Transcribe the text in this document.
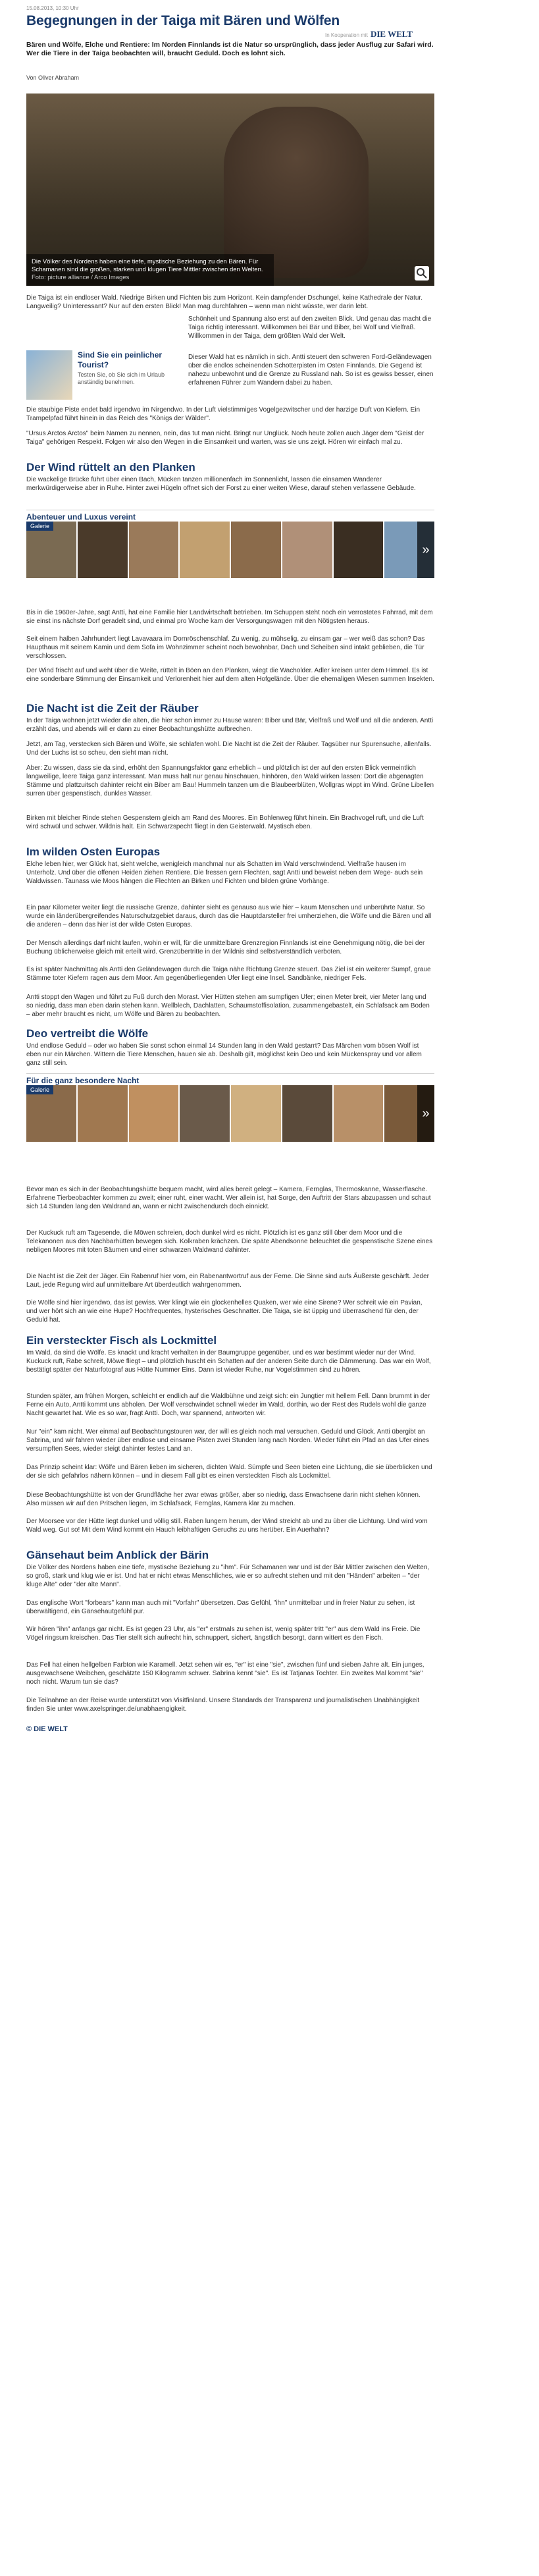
15.08.2013, 10:30 Uhr
Begegnungen in der Taiga mit Bären und Wölfen
In Kooperation mit DIE WELT
Bären und Wölfe, Elche und Rentiere: Im Norden Finnlands ist die Natur so ursprünglich, dass jeder Ausflug zur Safari wird. Wer die Tiere in der Taiga beobachten will, braucht Geduld. Doch es lohnt sich.
Von Oliver Abraham
Die Völker des Nordens haben eine tiefe, mystische Beziehung zu den Bären. Für Schamanen sind die großen, starken und klugen Tiere Mittler zwischen den Welten. Foto: picture alliance / Arco Images

Die Taiga ist ein endloser Wald. Niedrige Birken und Fichten bis zum Horizont. Kein dampfender Dschungel, keine Kathedrale der Natur. Langweilig? Uninteressant? Nur auf den ersten Blick! Man mag durchfahren – wenn man nicht wüsste, wer darin lebt.

Sind Sie ein peinlicher Tourist?
Testen Sie, ob Sie sich im Urlaub anständig benehmen.

Schönheit und Spannung also erst auf den zweiten Blick. Und genau das macht die Taiga richtig interessant. Willkommen bei Bär und Biber, bei Wolf und Vielfraß. Willkommen in der Taiga, dem größten Wald der Welt.

Dieser Wald hat es nämlich in sich. Antti steuert den schweren Ford-Geländewagen über die endlos scheinenden Schotterpisten im Osten Finnlands. Die Gegend ist nahezu unbewohnt und die Grenze zu Russland nah. So ist es gewiss besser, einen erfahrenen Führer zum Wandern dabei zu haben.

Die staubige Piste endet bald irgendwo im Nirgendwo. In der Luft vielstimmiges Vogelgezwitscher und der harzige Duft von Kiefern. Ein Trampelpfad führt hinein in das Reich des "Königs der Wälder".

"Ursus Arctos Arctos" beim Namen zu nennen, nein, das tut man nicht. Bringt nur Unglück. Noch heute zollen auch Jäger dem "Geist der Taiga" gehörigen Respekt. Folgen wir also den Wegen in die Einsamkeit und warten, was sie uns zeigt. Hören wir einfach mal zu.

Der Wind rüttelt an den Planken

Die wackelige Brücke führt über einen Bach, Mücken tanzen millionenfach im Sonnenlicht, lassen die einsamen Wanderer merkwürdigerweise aber in Ruhe. Hinter zwei Hügeln offnet sich der Forst zu einer weiten Wiese, darauf stehen verlassene Gebäude.

Abenteuer und Luxus vereint
Galerie
»

Bis in die 1960er-Jahre, sagt Antti, hat eine Familie hier Landwirtschaft betrieben. Im Schuppen steht noch ein verrostetes Fahrrad, mit dem sie einst ins nächste Dorf geradelt sind, und einmal pro Woche kam der Versorgungswagen mit den Nötigsten heraus.

Seit einem halben Jahrhundert liegt Lavavaara im Dornröschenschlaf. Zu wenig, zu mühselig, zu einsam gar – wer weiß das schon? Das Haupthaus mit seinem Kamin und dem Sofa im Wohnzimmer scheint noch bewohnbar, Dach und Scheiben sind intakt geblieben, die Tür verschlossen.

Der Wind frischt auf und weht über die Weite, rüttelt in Böen an den Planken, wiegt die Wacholder. Adler kreisen unter dem Himmel. Es ist eine sonderbare Stimmung der Einsamkeit und Verlorenheit hier auf dem alten Hofgelände. Über die ehemaligen Wiesen summen Insekten.

Die Nacht ist die Zeit der Räuber

In der Taiga wohnen jetzt wieder die alten, die hier schon immer zu Hause waren: Biber und Bär, Vielfraß und Wolf und all die anderen. Antti erzählt das, und abends will er dann zu einer Beobachtungshütte aufbrechen.

Jetzt, am Tag, verstecken sich Bären und Wölfe, sie schlafen wohl. Die Nacht ist die Zeit der Räuber. Tagsüber nur Spurensuche, allenfalls. Und der Luchs ist so scheu, den sieht man nicht.

Aber: Zu wissen, dass sie da sind, erhöht den Spannungsfaktor ganz erheblich – und plötzlich ist der auf den ersten Blick vermeintlich langweilige, leere Taiga ganz interessant. Man muss halt nur genau hinschauen, hinhören, den Wald wirken lassen: Dort die abgenagten Stämme und plattzuitsch dahinter reicht ein Biber am Bau! Hummeln tanzen um die Blaubeerblüten, Wollgras wippt im Wind. Grüne Libellen surren über gespenstisch, dunkles Wasser.

Birken mit bleicher Rinde stehen Gespenstern gleich am Rand des Moores. Ein Bohlenweg führt hinein. Ein Brachvogel ruft, und die Luft wird schwül und schwer. Wildnis halt. Ein Schwarzspecht fliegt in den Geisterwald. Mystisch eben.

Im wilden Osten Europas

Elche leben hier, wer Glück hat, sieht welche, wenigleich manchmal nur als Schatten im Wald verschwindend. Vielfraße hausen im Unterholz. Und über die offenen Heiden ziehen Rentiere. Die fressen gern Flechten, sagt Antti und beweist neben dem Wege- auch sein Waldwissen. Taunass wie Moos hängen die Flechten an Birken und Fichten und bilden grüne Vorhänge.

Ein paar Kilometer weiter liegt die russische Grenze, dahinter sieht es genauso aus wie hier – kaum Menschen und unberührte Natur. So wurde ein länderübergreifendes Naturschutzgebiet daraus, durch das die Hauptdarsteller frei umherziehen, die Wölfe und die Bären und all die anderen – denn das hier ist der wilde Osten Europas.

Der Mensch allerdings darf nicht laufen, wohin er will, für die unmittelbare Grenzregion Finnlands ist eine Genehmigung nötig, die bei der Buchung üblicherweise gleich mit erteilt wird. Grenzübertritte in der Wildnis sind selbstverständlich verboten.

Es ist später Nachmittag als Antti den Geländewagen durch die Taiga nähe Richtung Grenze steuert. Das Ziel ist ein weiterer Sumpf, graue Stämme toter Kiefern ragen aus dem Moor. Am gegenüberliegenden Ufer liegt eine Insel. Sandbänke, niedriger Fels.

Antti stoppt den Wagen und führt zu Fuß durch den Morast. Vier Hütten stehen am sumpfigen Ufer; einen Meter breit, vier Meter lang und so niedrig, dass man eben darin stehen kann. Wellblech, Dachlatten, Schaumstoffisolation, zusammengebastelt, ein Schlafsack am Boden – aber mehr braucht es nicht, um Wölfe und Bären zu beobachten.

Deo vertreibt die Wölfe

Und endlose Geduld – oder wo haben Sie sonst schon einmal 14 Stunden lang in den Wald gestarrt? Das Märchen vom bösen Wolf ist eben nur ein Märchen. Wittern die Tiere Menschen, hauen sie ab. Deshalb gilt, möglichst kein Deo und kein Mückenspray und vor allem ganz still sein.

Für die ganz besondere Nacht
Galerie
»

Bevor man es sich in der Beobachtungshütte bequem macht, wird alles bereit gelegt – Kamera, Fernglas, Thermoskanne, Wasserflasche. Erfahrene Tierbeobachter kommen zu zweit; einer ruht, einer wacht. Wer allein ist, hat Sorge, den Auftritt der Stars abzupassen und schaut sich 14 Stunden lang den Waldrand an, wann er nicht zwischendurch doch einnickt.

Der Kuckuck ruft am Tagesende, die Möwen schreien, doch dunkel wird es nicht. Plötzlich ist es ganz still über dem Moor und die Telekanonen aus den Nachbarhütten bewegen sich. Kolkraben krächzen. Die späte Abendsonne beleuchtet die gespenstische Szene eines nebligen Moores mit toten Bäumen und einer schwarzen Waldwand dahinter.

Die Nacht ist die Zeit der Jäger. Ein Rabenruf hier vom, ein Rabenantwortruf aus der Ferne. Die Sinne sind aufs Äußerste geschärft. Jeder Laut, jede Regung wird auf unmittelbare Art überdeutlich wahrgenommen.

Die Wölfe sind hier irgendwo, das ist gewiss. Wer klingt wie ein glockenhelles Quaken, wer wie eine Sirene? Wer schreit wie ein Pavian, und wer hört sich an wie eine Hupe? Hochfrequentes, hysterisches Geschnatter. Die Taiga, sie ist üppig und überraschend für den, der Geduld hat.

Ein versteckter Fisch als Lockmittel

Im Wald, da sind die Wölfe. Es knackt und kracht verhalten in der Baumgruppe gegenüber, und es war bestimmt wieder nur der Wind. Kuckuck ruft, Rabe schreit, Möwe fliegt – und plötzlich huscht ein Schatten auf der anderen Seite durch die Dämmerung. Das war ein Wolf, bestätigt später der Naturfotograf aus Hütte Nummer Eins. Dann ist wieder Ruhe, nur Vogelstimmen sind zu hören.

Stunden später, am frühen Morgen, schleicht er endlich auf die Waldbühne und zeigt sich: ein Jungtier mit hellem Fell. Dann brummt in der Ferne ein Auto, Antti kommt uns abholen. Der Wolf verschwindet schnell wieder im Wald, dorthin, wo der Rest des Rudels wohl die ganze Nacht gewartet hat. Wie es so war, fragt Antti. Doch, war spannend, antworten wir.

Nur "ein" kam nicht. Wer einmal auf Beobachtungstouren war, der will es gleich noch mal versuchen. Geduld und Glück. Antti übergibt an Sabrina, und wir fahren wieder über endlose und einsame Pisten zwei Stunden lang nach Norden. Wieder führt ein Pfad an das Ufer eines versumpften Sees, wieder steigt dahinter festes Land an.

Das Prinzip scheint klar: Wölfe und Bären lieben im sicheren, dichten Wald. Sümpfe und Seen bieten eine Lichtung, die sie überblicken und der sie sich gefahrlos nähern können – und in diesem Fall gibt es einen versteckten Fisch als Lockmittel.

Diese Beobachtungshütte ist von der Grundfläche her zwar etwas größer, aber so niedrig, dass Erwachsene darin nicht stehen können. Also müssen wir auf den Pritschen liegen, im Schlafsack, Fernglas, Kamera klar zu machen.

Der Moorsee vor der Hütte liegt dunkel und völlig still. Raben lungern herum, der Wind streicht ab und zu über die Lichtung. Und wird vom Wald weg. Gut so! Mit dem Wind kommt ein Hauch leibhaftigen Geruchs zu uns herüber. Ein Auerhahn?

Gänsehaut beim Anblick der Bärin

Die Völker des Nordens haben eine tiefe, mystische Beziehung zu "ihm". Für Schamanen war und ist der Bär Mittler zwischen den Welten, so groß, stark und klug wie er ist. Und hat er nicht etwas Menschliches, wie er so aufrecht stehen und mit den "Händen" arbeiten – "der kluge Alte" oder "der alte Mann".

Das englische Wort "forbears" kann man auch mit "Vorfahr" übersetzen. Das Gefühl, "ihn" unmittelbar und in freier Natur zu sehen, ist überwältigend, ein Gänsehautgefühl pur.

Wir hören "ihn" anfangs gar nicht. Es ist gegen 23 Uhr, als "er" erstmals zu sehen ist, wenig später tritt "er" aus dem Wald ins Freie. Die Vögel ringsum kreischen. Das Tier stellt sich aufrecht hin, schnuppert, sichert, ängstlich besorgt, dann wittert es den Fisch.

Das Fell hat einen hellgelben Farbton wie Karamell. Jetzt sehen wir es, "er" ist eine "sie", zwischen fünf und sieben Jahre alt. Ein junges, ausgewachsene Weibchen, geschätzte 150 Kilogramm schwer. Sabrina kennt "sie". Es ist Tatjanas Tochter. Ein zweites Mal kommt "sie" noch nicht. Warum tun sie das?

Die Teilnahme an der Reise wurde unterstützt von Visitfinland. Unsere Standards der Transparenz und journalistischen Unabhängigkeit finden Sie unter www.axelspringer.de/unabhaengigkeit.

© DIE WELT
